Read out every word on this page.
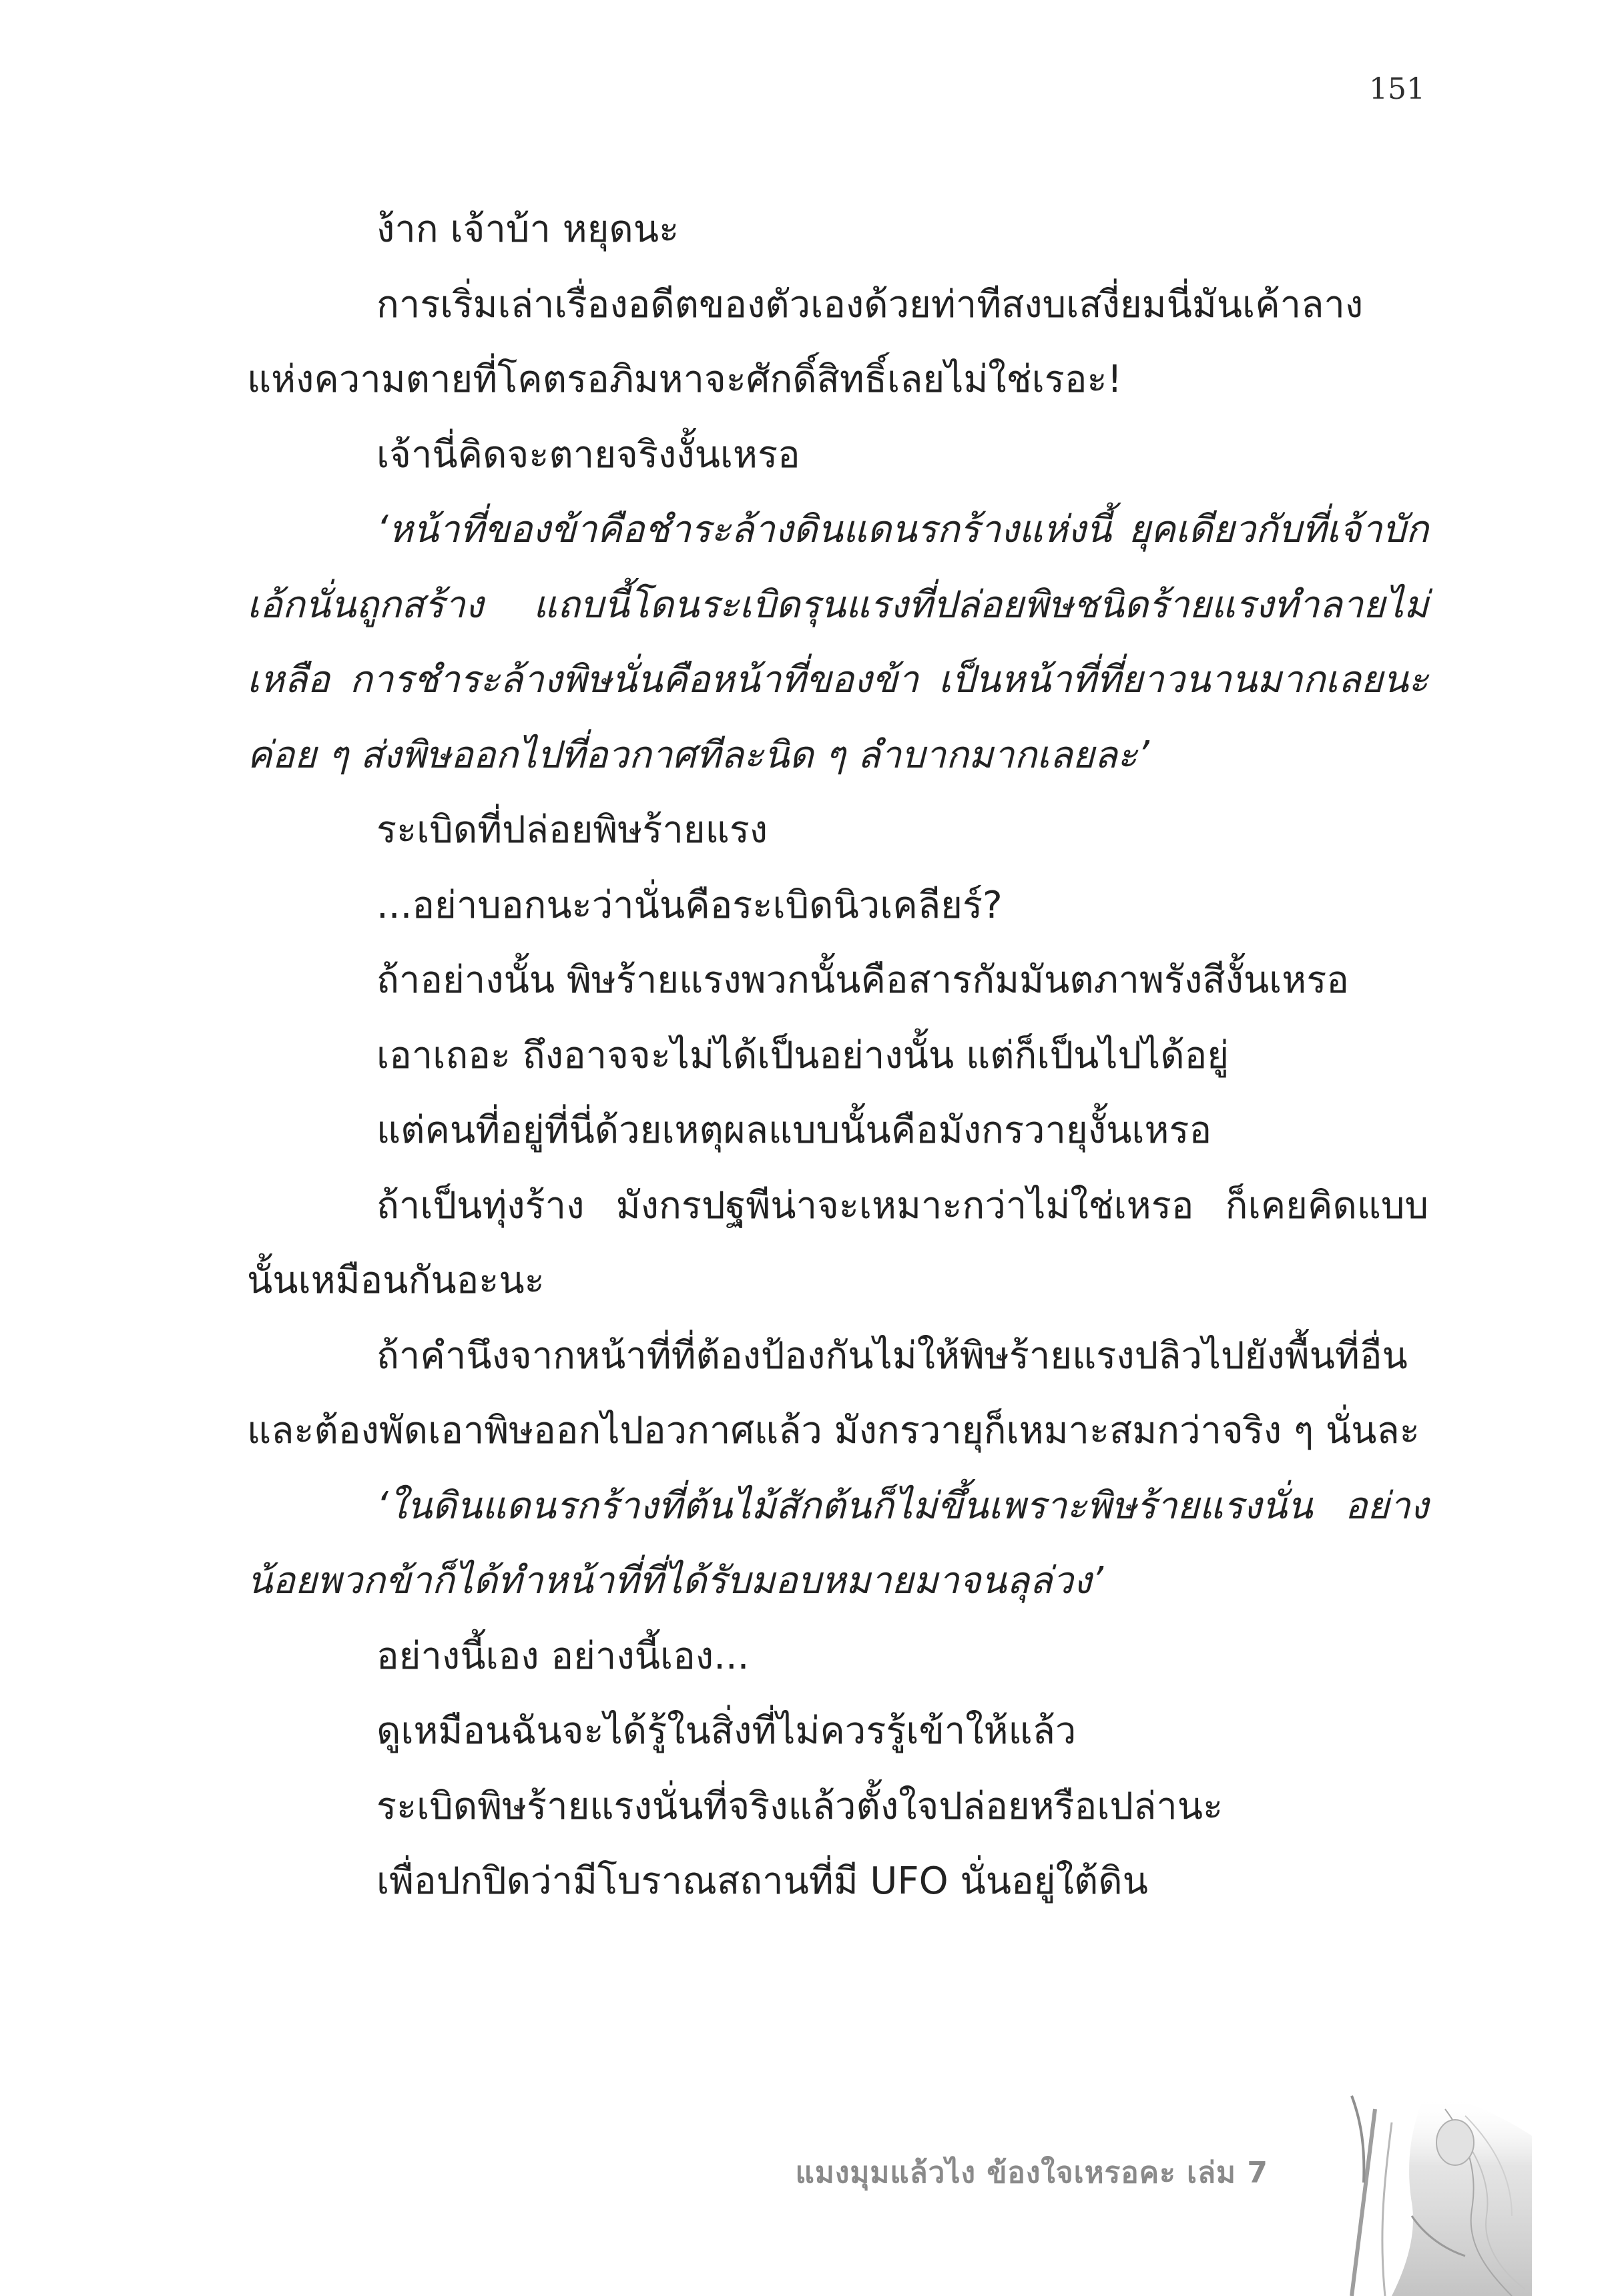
151

ง้าก เจ้าบ้า หยุดนะ

การเริ่มเล่าเรื่องอดีตของตัวเองด้วยท่าทีสงบเสงี่ยมนี่มันเค้าลางแห่งความตายที่โคตรอภิมหาจะศักดิ์สิทธิ์เลยไม่ใช่เรอะ!

เจ้านี่คิดจะตายจริงงั้นเหรอ

‘หน้าที่ของข้าคือชำระล้างดินแดนรกร้างแห่งนี้ ยุคเดียวกับที่เจ้าบักเอ้กนั่นถูกสร้าง แถบนี้โดนระเบิดรุนแรงที่ปล่อยพิษชนิดร้ายแรงทำลายไม่เหลือ การชำระล้างพิษนั่นคือหน้าที่ของข้า เป็นหน้าที่ที่ยาวนานมากเลยนะ ค่อย ๆ ส่งพิษออกไปที่อวกาศทีละนิด ๆ ลำบากมากเลยละ’

ระเบิดที่ปล่อยพิษร้ายแรง

...อย่าบอกนะว่านั่นคือระเบิดนิวเคลียร์?

ถ้าอย่างนั้น พิษร้ายแรงพวกนั้นคือสารกัมมันตภาพรังสีงั้นเหรอ

เอาเถอะ ถึงอาจจะไม่ได้เป็นอย่างนั้น แต่ก็เป็นไปได้อยู่

แต่คนที่อยู่ที่นี่ด้วยเหตุผลแบบนั้นคือมังกรวายุงั้นเหรอ

ถ้าเป็นทุ่งร้าง มังกรปฐพีน่าจะเหมาะกว่าไม่ใช่เหรอ ก็เคยคิดแบบนั้นเหมือนกันอะนะ

ถ้าคำนึงจากหน้าที่ที่ต้องป้องกันไม่ให้พิษร้ายแรงปลิวไปยังพื้นที่อื่น และต้องพัดเอาพิษออกไปอวกาศแล้ว มังกรวายุก็เหมาะสมกว่าจริง ๆ นั่นละ

‘ในดินแดนรกร้างที่ต้นไม้สักต้นก็ไม่ขึ้นเพราะพิษร้ายแรงนั่น อย่างน้อยพวกข้าก็ได้ทำหน้าที่ที่ได้รับมอบหมายมาจนลุล่วง’

อย่างนี้เอง อย่างนี้เอง...

ดูเหมือนฉันจะได้รู้ในสิ่งที่ไม่ควรรู้เข้าให้แล้ว

ระเบิดพิษร้ายแรงนั่นที่จริงแล้วตั้งใจปล่อยหรือเปล่านะ

เพื่อปกปิดว่ามีโบราณสถานที่มี UFO นั่นอยู่ใต้ดิน

แมงมุมแล้วไง ข้องใจเหรอคะ เล่ม 7
